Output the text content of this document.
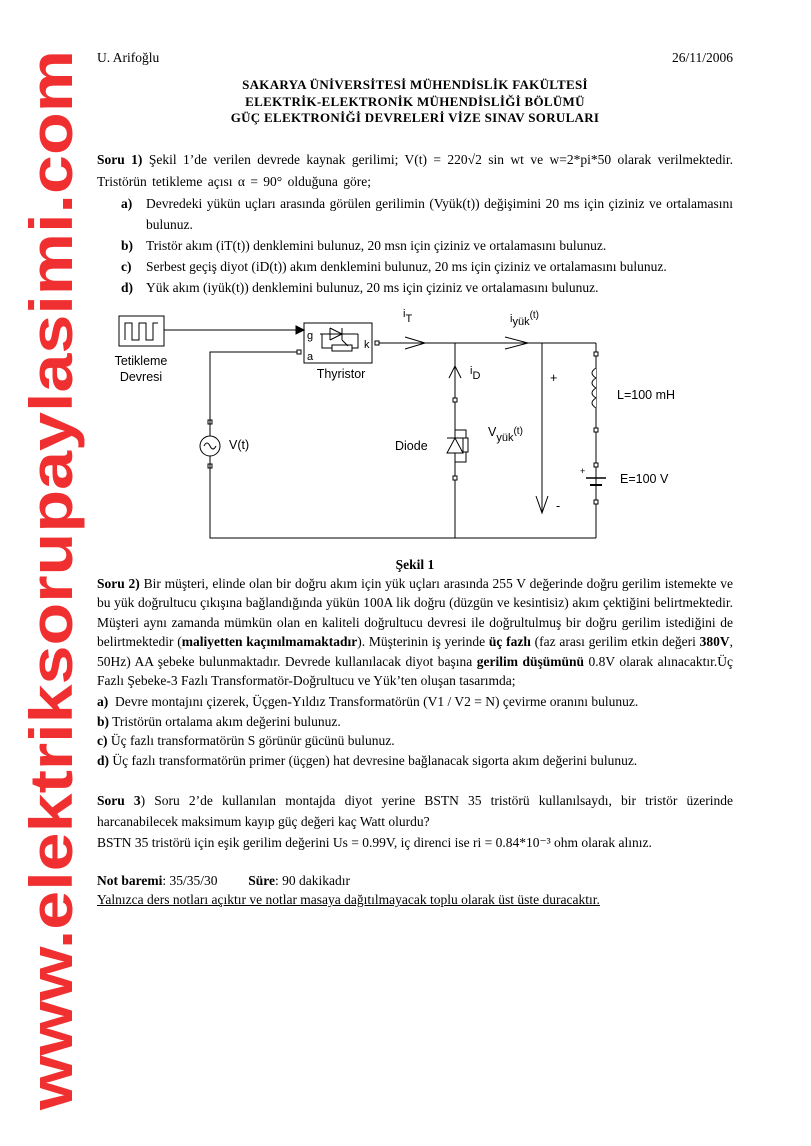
U. Arifoğlu	26/11/2006
SAKARYA ÜNİVERSİTESİ MÜHENDİSLİK FAKÜLTESİ
ELEKTRİK-ELEKTRONİK MÜHENDİSLİĞİ BÖLÜMÜ
GÜÇ ELEKTRONİĞİ DEVRELERİ VİZE SINAV SORULARI
Soru 1) Şekil 1’de verilen devrede kaynak gerilimi; V(t) = 220√2 sin wt ve w=2*pi*50 olarak verilmektedir. Tristörün tetikleme açısı α = 90° olduğuna göre;
a) Devredeki yükün uçları arasında görülen gerilimin (Vyük(t)) değişimini 20 ms için çiziniz ve ortalamasını bulunuz.
b) Tristör akım (iT(t)) denklemini bulunuz, 20 msn için çiziniz ve ortalamasını bulunuz.
c) Serbest geçiş diyot (iD(t)) akım denklemini bulunuz, 20 ms için çiziniz ve ortalamasını bulunuz.
d) Yük akım (iyük(t)) denklemini bulunuz, 20 ms için çiziniz ve ortalamasını bulunuz.
Tetikleme
Devresi	Thyristor
g
a
k
V(t)	Diode
iT
iD
iyük(t)
Vyük$^{(t)}$
+
-
+
L=100 mH
E=100 V
Şekil 1
Soru 2) Bir müşteri, elinde olan bir doğru akım için yük uçları arasında 255 V değerinde doğru gerilim istemekte ve bu yük doğrultucu çıkışına bağlandığında yükün 100A lik doğru (düzgün ve kesintisiz) akım çektiğini belirtmektedir. Müşteri aynı zamanda mümkün olan en kaliteli doğrultucu devresi ile doğrultulmuş bir doğru gerilim istediğini de belirtmektedir (maliyetten kaçınılmamaktadır). Müşterinin iş yerinde üç fazlı (faz arası gerilim etkin değeri 380V, 50Hz) AA şebeke bulunmaktadır. Devrede kullanılacak diyot başına gerilim düşümünü 0.8V olarak alınacaktır.Üç Fazlı Şebeke-3 Fazlı Transformatör-Doğrultucu ve Yük’ten oluşan tasarımda;
a) Devre montajını çizerek, Üçgen-Yıldız Transformatörün (V1 / V2 = N) çevirme oranını bulunuz.
b) Tristörün ortalama akım değerini bulunuz.
c) Üç fazlı transformatörün S görünür gücünü bulunuz.
d) Üç fazlı transformatörün primer (üçgen) hat devresine bağlanacak sigorta akım değerini bulunuz.
Soru 3) Soru 2’de kullanılan montajda diyot yerine BSTN 35 tristörü kullanılsaydı, bir tristör üzerinde harcanabilecek maksimum kayıp güç değeri kaç Watt olurdu?
BSTN 35 tristörü için eşik gerilim değerini Us = 0.99V, iç direnci ise ri = 0.84*10⁻³ ohm olarak alınız.
Not baremi: 35/35/30 Süre: 90 dakikadır
Yalnızca ders notları açıktır ve notlar masaya dağıtılmayacak toplu olarak üst üste duracaktır.
www.elektriksorupaylasimi.com
